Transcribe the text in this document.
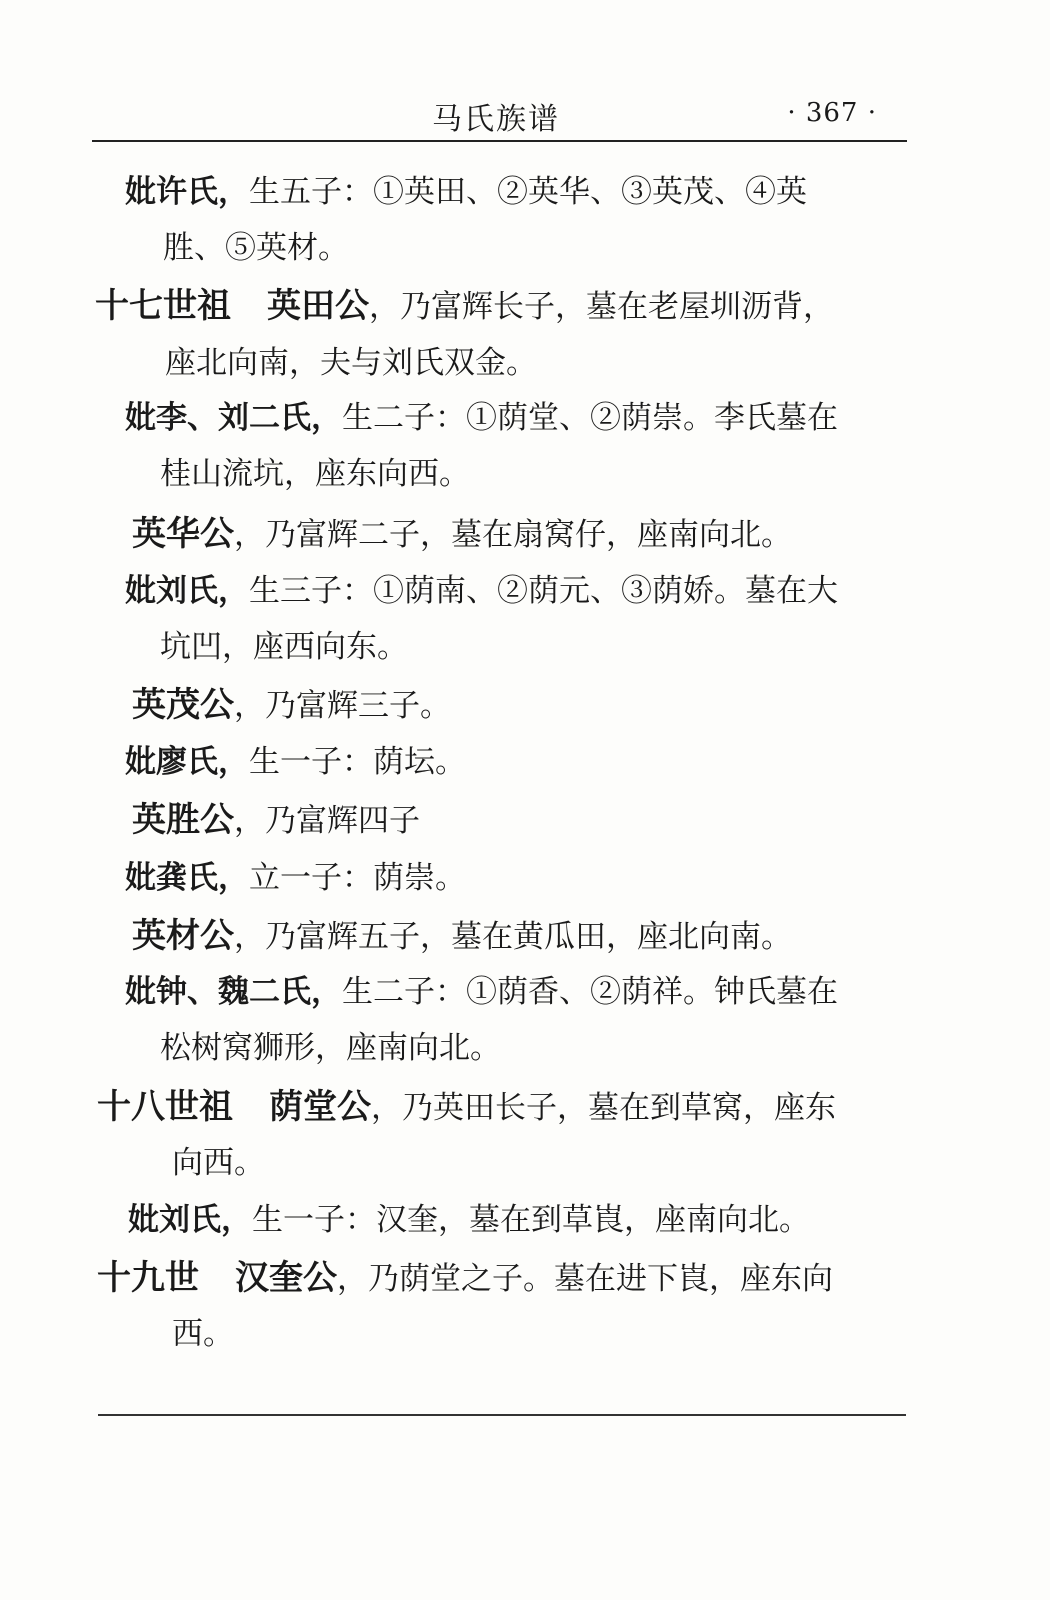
马氏族谱	· 367 ·
妣许氏，生五子：①英田、②英华、③英茂、④英
胜、⑤英材。
十七世祖 英田公，乃富辉长子，墓在老屋圳沥背，
座北向南，夫与刘氏双金。
妣李、刘二氏，生二子：①荫堂、②荫崇。李氏墓在
桂山流坑，座东向西。
英华公，乃富辉二子，墓在扇窝仔，座南向北。
妣刘氏，生三子：①荫南、②荫元、③荫娇。墓在大
坑凹，座西向东。
英茂公，乃富辉三子。
妣廖氏，生一子：荫坛。
英胜公，乃富辉四子
妣龚氏，立一子：荫崇。
英材公，乃富辉五子，墓在黄瓜田，座北向南。
妣钟、魏二氏，生二子：①荫香、②荫祥。钟氏墓在
松树窝狮形，座南向北。
十八世祖 荫堂公，乃英田长子，墓在到草窝，座东
向西。
妣刘氏，生一子：汉奎，墓在到草崀，座南向北。
十九世 汉奎公，乃荫堂之子。墓在进下崀，座东向
西。
